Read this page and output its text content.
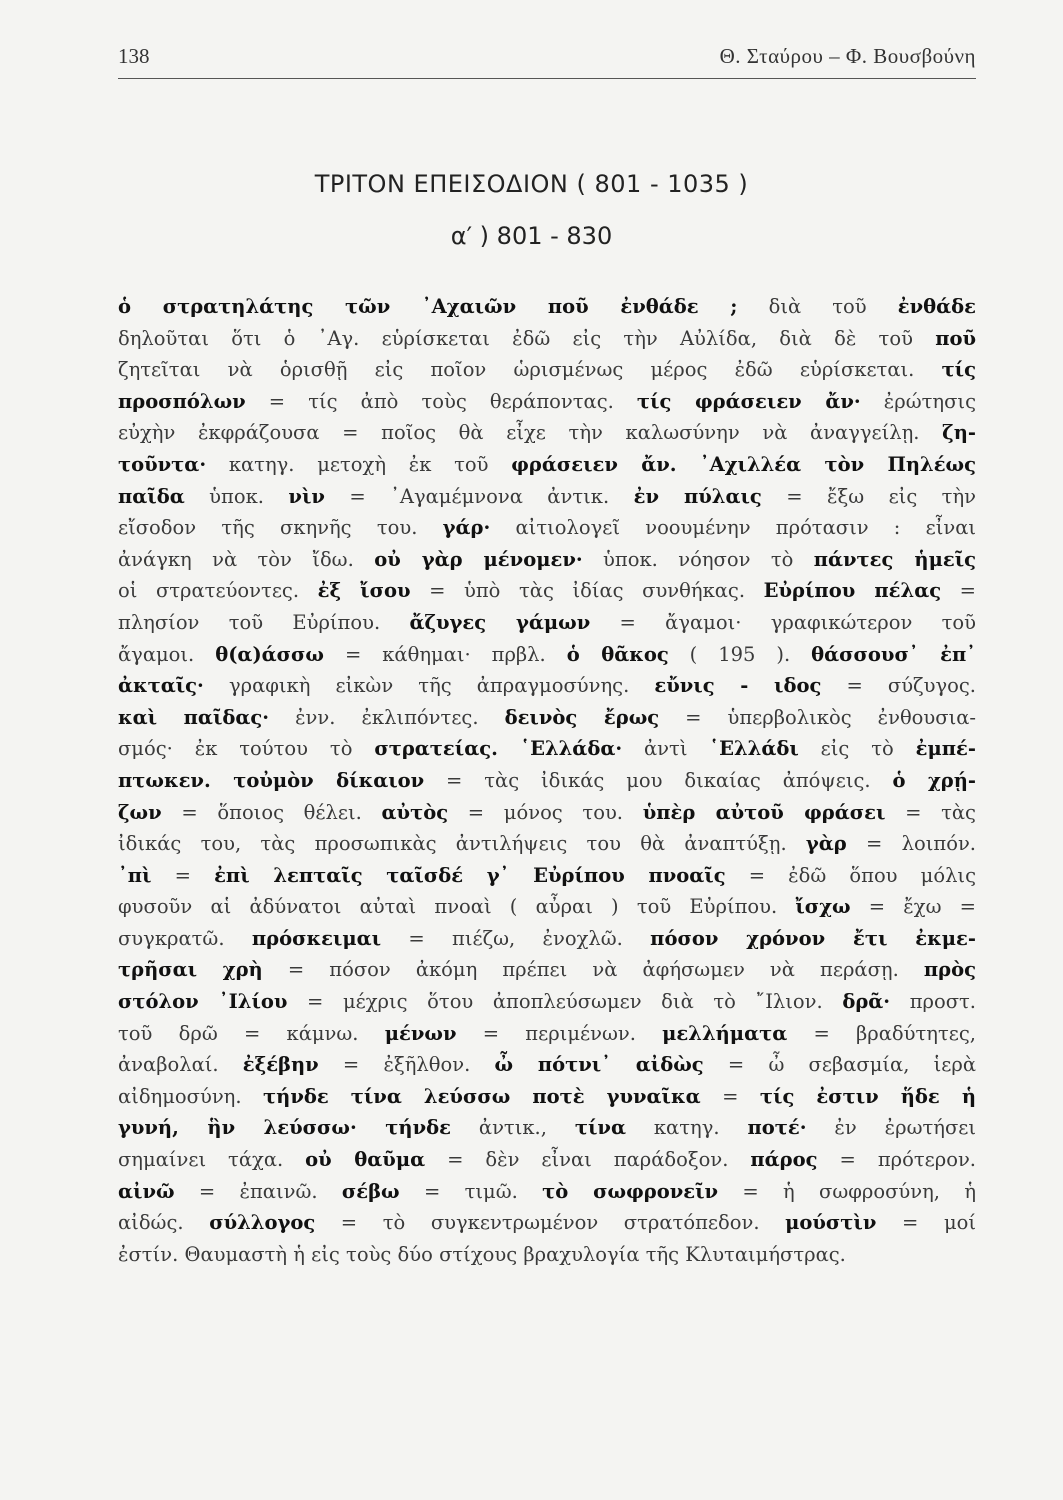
138	Θ. Σταύρου – Φ. Βουσβούνη
ΤΡΙΤΟΝ ΕΠΕΙΣΟΔΙΟΝ ( 801 - 1035 )
α′ ) 801 - 830
ὁ στρατηλάτης τῶν ᾿Αχαιῶν ποῦ ἐνθάδε ; διὰ τοῦ ἐνθάδε
δηλοῦται ὅτι ὁ ᾿Αγ. εὑρίσκεται ἐδῶ εἰς τὴν Αὐλίδα, διὰ δὲ τοῦ ποῦ
ζητεῖται νὰ ὁρισθῇ εἰς ποῖον ὡρισμένως μέρος ἐδῶ εὑρίσκεται. τίς
προσπόλων = τίς ἀπὸ τοὺς θεράποντας. τίς φράσειεν ἄν· ἐρώτησις
εὐχὴν ἐκφράζουσα = ποῖος θὰ εἶχε τὴν καλωσύνην νὰ ἀναγγείλῃ. ζη-
τοῦντα· κατηγ. μετοχὴ ἐκ τοῦ φράσειεν ἄν. ᾿Αχιλλέα τὸν Πηλέως
παῖδα ὑποκ. νὶν = ᾿Αγαμέμνονα ἀντικ. ἐν πύλαις = ἔξω εἰς τὴν
εἴσοδον τῆς σκηνῆς του. γάρ· αἰτιολογεῖ νοουμένην πρότασιν : εἶναι
ἀνάγκη νὰ τὸν ἴδω. οὐ γὰρ μένομεν· ὑποκ. νόησον τὸ πάντες ἡμεῖς
οἱ στρατεύοντες. ἐξ ἴσου = ὑπὸ τὰς ἰδίας συνθήκας. Εὐρίπου πέλας =
πλησίον τοῦ Εὐρίπου. ἄζυγες γάμων = ἄγαμοι· γραφικώτερον τοῦ
ἄγαμοι. θ(α)άσσω = κάθημαι· πρβλ. ὁ θᾶκος ( 195 ). θάσσουσ᾿ ἐπ᾿
ἀκταῖς· γραφικὴ εἰκὼν τῆς ἀπραγμοσύνης. εὔνις - ιδος = σύζυγος.
καὶ παῖδας· ἐνν. ἐκλιπόντες. δεινὸς ἔρως = ὑπερβολικὸς ἐνθουσια-
σμός· ἐκ τούτου τὸ στρατείας. ῾Ελλάδα· ἀντὶ ῾Ελλάδι εἰς τὸ ἐμπέ-
πτωκεν. τοὐμὸν δίκαιον = τὰς ἰδικάς μου δικαίας ἀπόψεις. ὁ χρῄ-
ζων = ὅποιος θέλει. αὐτὸς = μόνος του. ὑπὲρ αὐτοῦ φράσει = τὰς
ἰδικάς του, τὰς προσωπικὰς ἀντιλήψεις του θὰ ἀναπτύξῃ. γὰρ = λοιπόν.
᾿πὶ = ἐπὶ λεπταῖς ταῖσδέ γ᾿ Εὐρίπου πνοαῖς = ἐδῶ ὅπου μόλις
φυσοῦν αἱ ἀδύνατοι αὐταὶ πνοαὶ ( αὖραι ) τοῦ Εὐρίπου. ἴσχω = ἔχω =
συγκρατῶ. πρόσκειμαι = πιέζω, ἐνοχλῶ. πόσον χρόνον ἔτι ἐκμε-
τρῆσαι χρὴ = πόσον ἀκόμη πρέπει νὰ ἀφήσωμεν νὰ περάσῃ. πρὸς
στόλον ᾿Ιλίου = μέχρις ὅτου ἀποπλεύσωμεν διὰ τὸ ῎Ιλιον. δρᾶ· προστ.
τοῦ δρῶ = κάμνω. μένων = περιμένων. μελλήματα = βραδύτητες,
ἀναβολαί. ἐξέβην = ἐξῆλθον. ὦ πότνι᾿ αἰδὼς = ὦ σεβασμία, ἱερὰ
αἰδημοσύνη. τήνδε τίνα λεύσσω ποτὲ γυναῖκα = τίς ἐστιν ἥδε ἡ
γυνή, ἣν λεύσσω· τήνδε ἀντικ., τίνα κατηγ. ποτέ· ἐν ἐρωτήσει
σημαίνει τάχα. οὐ θαῦμα = δὲν εἶναι παράδοξον. πάρος = πρότερον.
αἰνῶ = ἐπαινῶ. σέβω = τιμῶ. τὸ σωφρονεῖν = ἡ σωφροσύνη, ἡ
αἰδώς. σύλλογος = τὸ συγκεντρωμένον στρατόπεδον. μούστὶν = μοί
ἐστίν. Θαυμαστὴ ἡ εἰς τοὺς δύο στίχους βραχυλογία τῆς Κλυταιμήστρας.
